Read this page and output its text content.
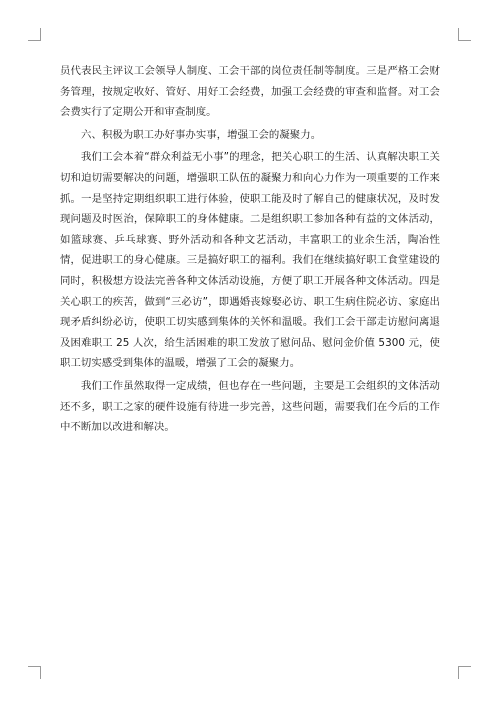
员代表民主评议工会领导人制度、工会干部的岗位责任制等制度。三是严格工会财务管理，按规定收好、管好、用好工会经费，加强工会经费的审查和监督。对工会会费实行了定期公开和审查制度。

六、积极为职工办好事办实事，增强工会的凝聚力。

我们工会本着“群众利益无小事”的理念，把关心职工的生活、认真解决职工关切和迫切需要解决的问题，增强职工队伍的凝聚力和向心力作为一项重要的工作来抓。一是坚持定期组织职工进行体验，使职工能及时了解自己的健康状况，及时发现问题及时医治，保障职工的身体健康。二是组织职工参加各种有益的文体活动，如篮球赛、乒乓球赛、野外活动和各种文艺活动，丰富职工的业余生活，陶冶性情，促进职工的身心健康。三是搞好职工的福利。我们在继续搞好职工食堂建设的同时，积极想方设法完善各种文体活动设施，方便了职工开展各种文体活动。四是关心职工的疾苦，做到“三必访”，即遇婚丧嫁娶必访、职工生病住院必访、家庭出现矛盾纠纷必访，使职工切实感到集体的关怀和温暖。我们工会干部走访慰问离退及困难职工 25 人次，给生活困难的职工发放了慰问品、慰问金价值 5300 元，使职工切实感受到集体的温暖，增强了工会的凝聚力。

我们工作虽然取得一定成绩，但也存在一些问题，主要是工会组织的文体活动还不多，职工之家的硬件设施有待进一步完善，这些问题，需要我们在今后的工作中不断加以改进和解决。
